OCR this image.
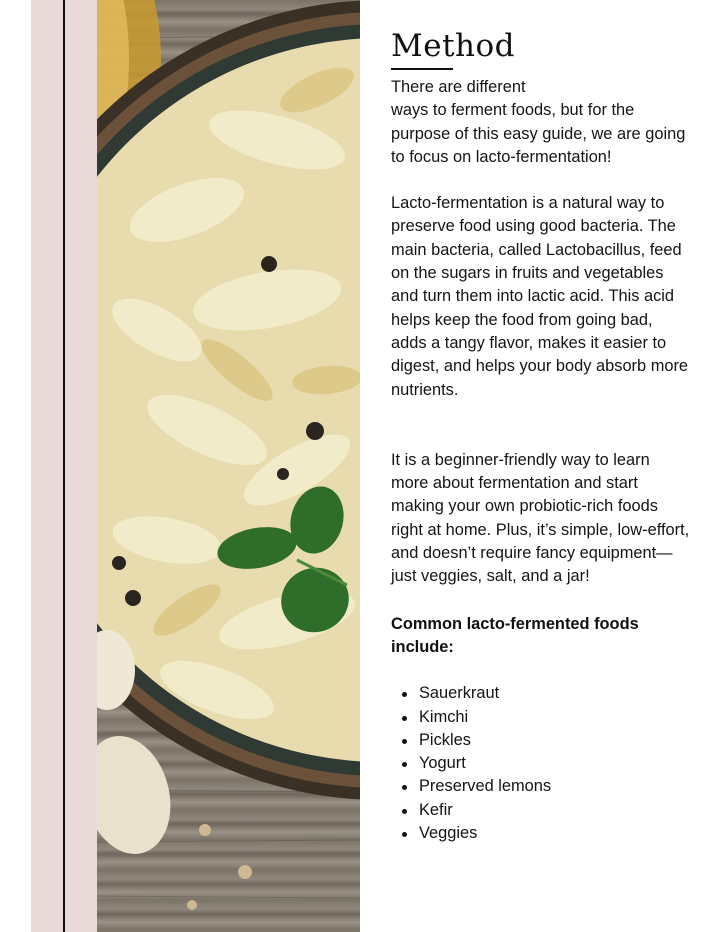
Method

There are different
ways to ferment foods, but for the purpose of this easy guide, we are going to focus on lacto-fermentation!

Lacto-fermentation is a natural way to preserve food using good bacteria. The main bacteria, called Lactobacillus, feed on the sugars in fruits and vegetables and turn them into lactic acid. This acid helps keep the food from going bad, adds a tangy flavor, makes it easier to digest, and helps your body absorb more nutrients.

It is a beginner-friendly way to learn more about fermentation and start making your own probiotic-rich foods right at home. Plus, it’s simple, low-effort, and doesn’t require fancy equipment—just veggies, salt, and a jar!

Common lacto-fermented foods include:

Sauerkraut
Kimchi
Pickles
Yogurt
Preserved lemons
Kefir
Veggies
